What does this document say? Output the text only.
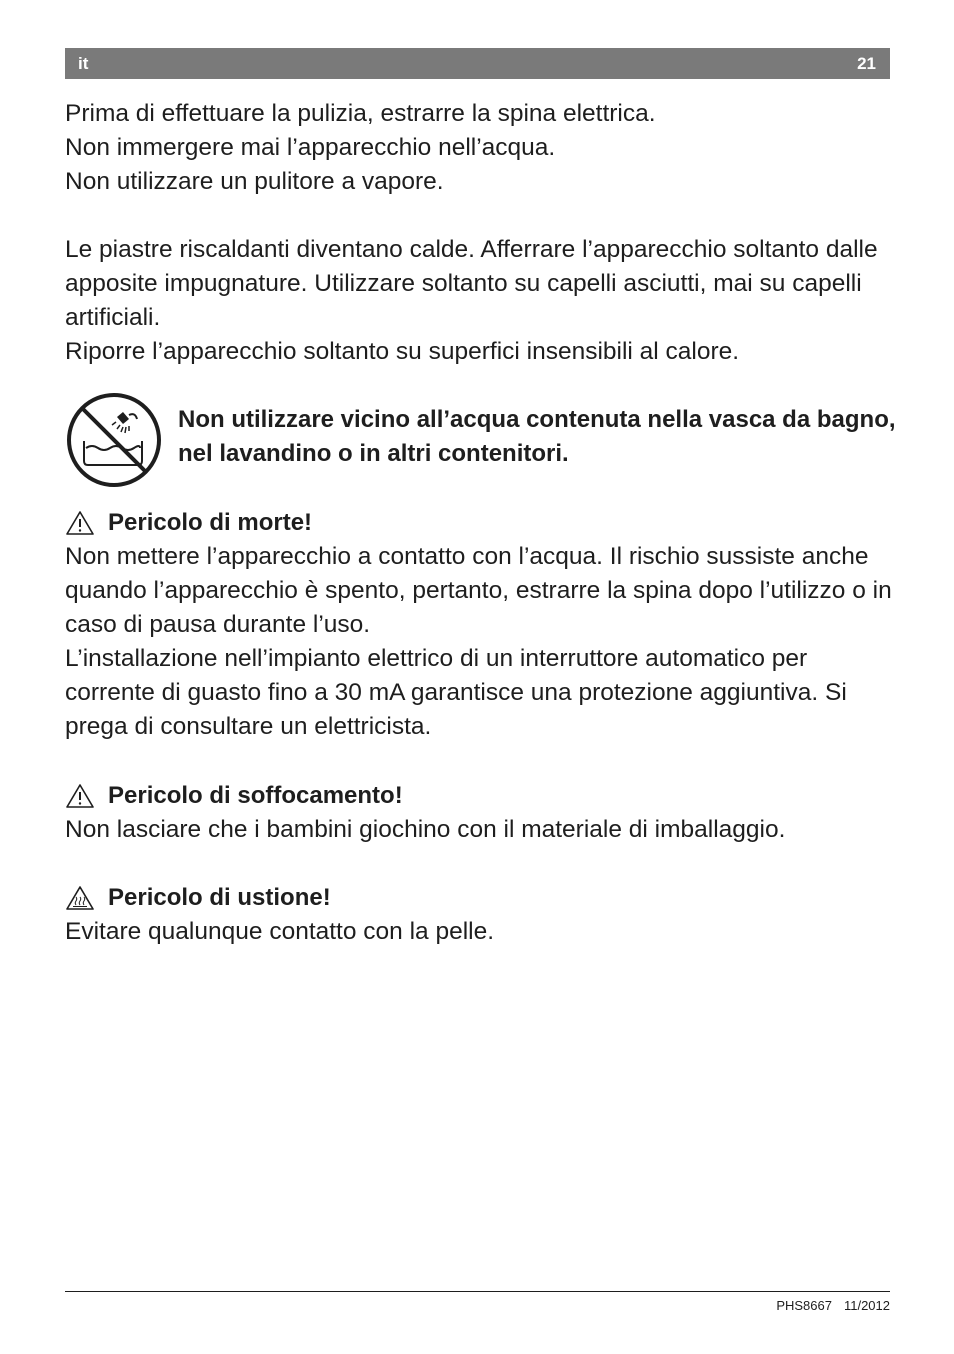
it	21

Prima di effettuare la pulizia, estrarre la spina elettrica.

Non immergere mai l’apparecchio nell’acqua.

Non utilizzare un pulitore a vapore.

Le piastre riscaldanti diventano calde. Afferrare l’apparecchio soltanto dalle apposite impugnature. Utilizzare soltanto su capelli asciutti, mai su capelli artificiali.

Riporre l’apparecchio soltanto su superfici insensibili al calore.

Non utilizzare vicino all’acqua contenuta nella vasca da bagno, nel lavandino o in altri contenitori.
Pericolo di morte!

Non mettere l’apparecchio a contatto con l’acqua. Il rischio sussiste anche quando l’apparecchio è spento, pertanto, estrarre la spina dopo l’utilizzo o in caso di pausa durante l’uso.

L’installazione nell’impianto elettrico di un interruttore automatico per corrente di guasto fino a 30 mA garantisce una protezione aggiuntiva. Si prega di consultare un elettricista.

Pericolo di soffocamento!

Non lasciare che i bambini giochino con il materiale di imballaggio.

Pericolo di ustione!

Evitare qualunque contatto con la pelle.

PHS8667 11/2012
